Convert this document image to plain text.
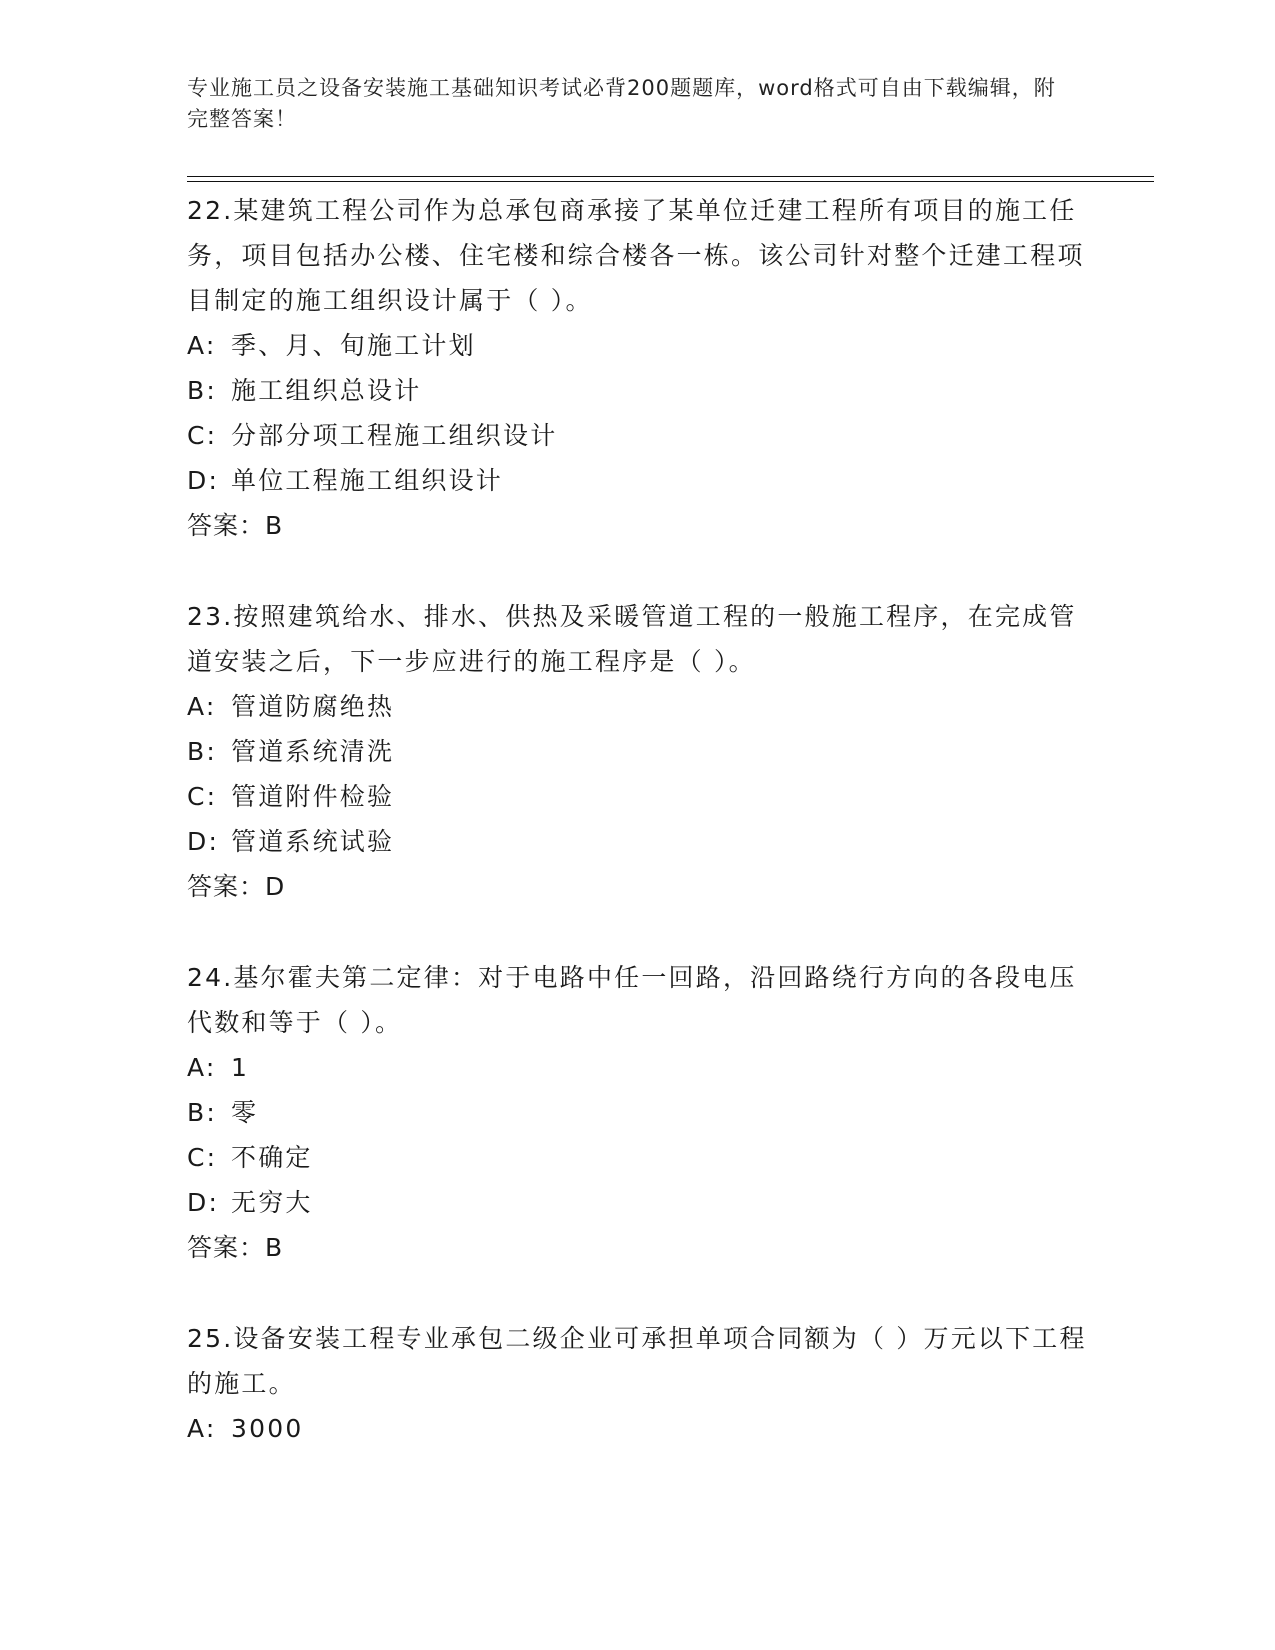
专业施工员之设备安装施工基础知识考试必背200题题库，word格式可自由下载编辑，附完整答案！

22.某建筑工程公司作为总承包商承接了某单位迁建工程所有项目的施工任务，项目包括办公楼、住宅楼和综合楼各一栋。该公司针对整个迁建工程项目制定的施工组织设计属于（ ）。

A: 季、月、旬施工计划
B: 施工组织总设计
C: 分部分项工程施工组织设计
D: 单位工程施工组织设计

答案：B

23.按照建筑给水、排水、供热及采暖管道工程的一般施工程序，在完成管道安装之后，下一步应进行的施工程序是（ ）。

A: 管道防腐绝热
B: 管道系统清洗
C: 管道附件检验
D: 管道系统试验

答案：D

24.基尔霍夫第二定律：对于电路中任一回路，沿回路绕行方向的各段电压代数和等于（ ）。

A: 1
B: 零
C: 不确定
D: 无穷大

答案：B

25.设备安装工程专业承包二级企业可承担单项合同额为（ ）万元以下工程的施工。

A: 3000
